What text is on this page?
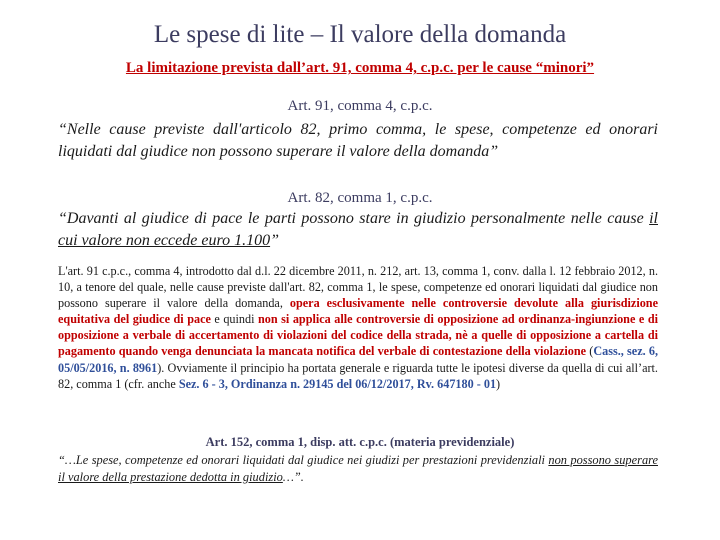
Le spese di lite – Il valore della domanda
La limitazione prevista dall’art. 91, comma 4, c.p.c. per le cause “minori”
Art. 91, comma 4, c.p.c.
“Nelle cause previste dall'articolo 82, primo comma, le spese, competenze ed onorari liquidati dal giudice non possono superare il valore della domanda”
Art. 82, comma 1, c.p.c.
“Davanti al giudice di pace le parti possono stare in giudizio personalmente nelle cause il cui valore non eccede euro 1.100”
L'art. 91 c.p.c., comma 4, introdotto dal d.l. 22 dicembre 2011, n. 212, art. 13, comma 1, conv. dalla l. 12 febbraio 2012, n. 10, a tenore del quale, nelle cause previste dall'art. 82, comma 1, le spese, competenze ed onorari liquidati dal giudice non possono superare il valore della domanda, opera esclusivamente nelle controversie devolute alla giurisdizione equitativa del giudice di pace e quindi non si applica alle controversie di opposizione ad ordinanza-ingiunzione e di opposizione a verbale di accertamento di violazioni del codice della strada, nè a quelle di opposizione a cartella di pagamento quando venga denunciata la mancata notifica del verbale di contestazione della violazione (Cass., sez. 6, 05/05/2016, n. 8961). Ovviamente il principio ha portata generale e riguarda tutte le ipotesi diverse da quella di cui all’art. 82, comma 1 (cfr. anche Sez. 6 - 3, Ordinanza n. 29145 del 06/12/2017, Rv. 647180 - 01)
Art. 152, comma 1, disp. att. c.p.c. (materia previdenziale)
“…Le spese, competenze ed onorari liquidati dal giudice nei giudizi per prestazioni previdenziali non possono superare il valore della prestazione dedotta in giudizio…”.
